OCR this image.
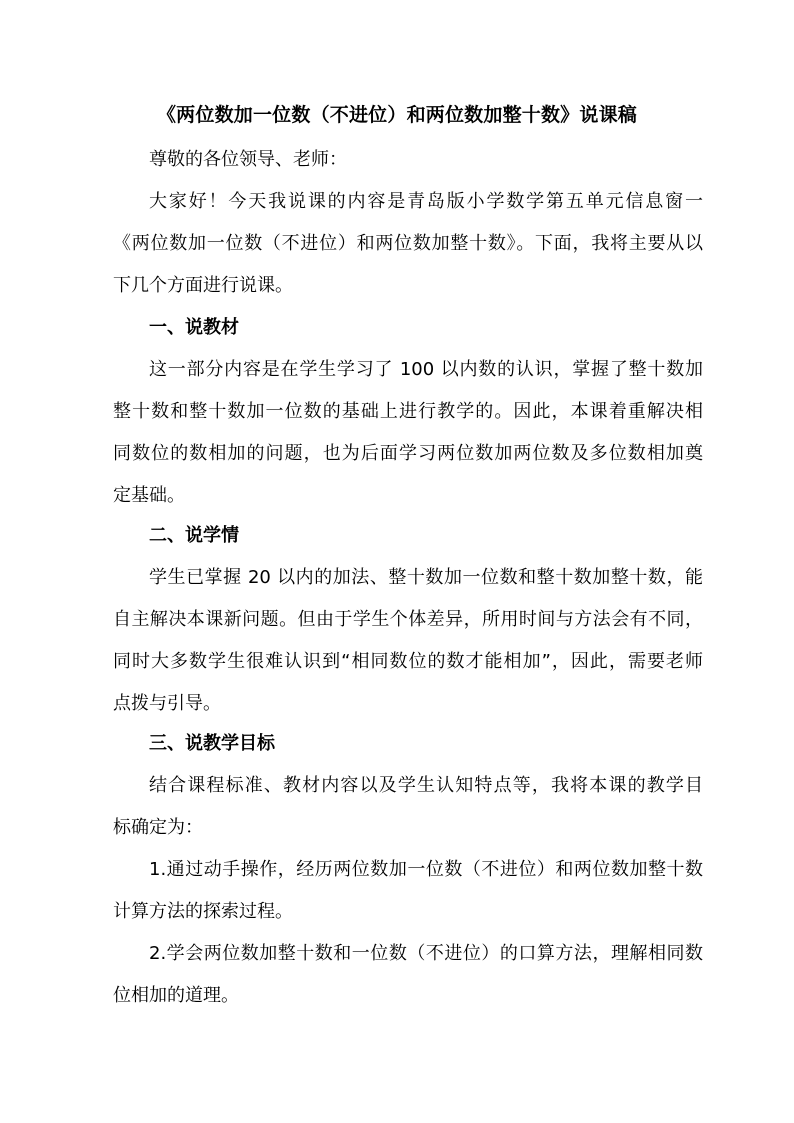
《两位数加一位数（不进位）和两位数加整十数》说课稿
尊敬的各位领导、老师：
大家好！今天我说课的内容是青岛版小学数学第五单元信息窗一
《两位数加一位数（不进位）和两位数加整十数》。下面，我将主要从以
下几个方面进行说课。
一、说教材
这一部分内容是在学生学习了 100 以内数的认识，掌握了整十数加
整十数和整十数加一位数的基础上进行教学的。因此，本课着重解决相
同数位的数相加的问题，也为后面学习两位数加两位数及多位数相加奠
定基础。
二、说学情
学生已掌握 20 以内的加法、整十数加一位数和整十数加整十数，能
自主解决本课新问题。但由于学生个体差异，所用时间与方法会有不同，
同时大多数学生很难认识到“相同数位的数才能相加”，因此，需要老师
点拨与引导。
三、说教学目标
结合课程标准、教材内容以及学生认知特点等，我将本课的教学目
标确定为：
1.通过动手操作，经历两位数加一位数（不进位）和两位数加整十数
计算方法的探索过程。
2.学会两位数加整十数和一位数（不进位）的口算方法，理解相同数
位相加的道理。
